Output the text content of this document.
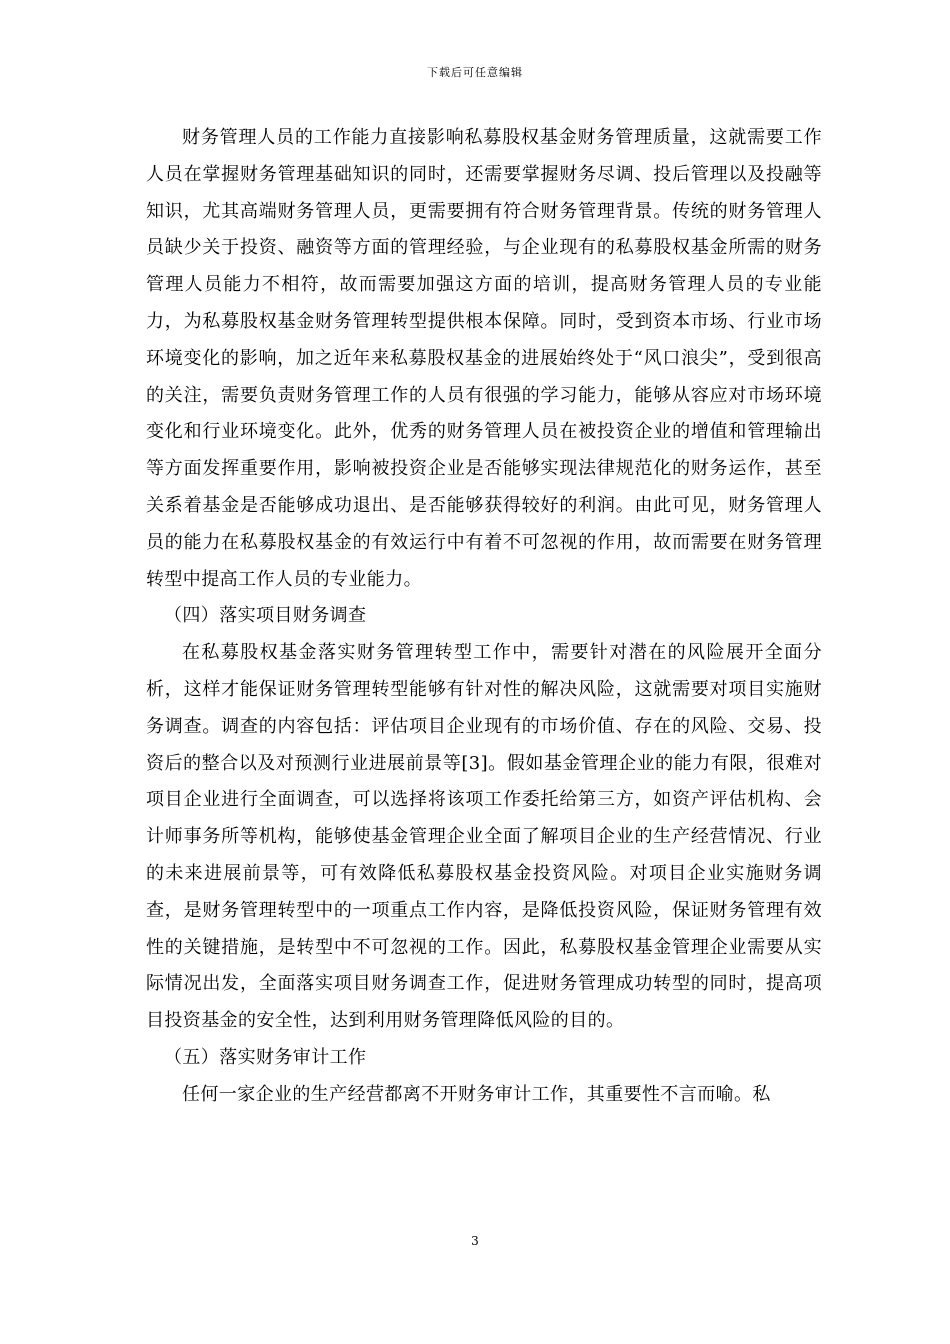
下载后可任意编辑

财务管理人员的工作能力直接影响私募股权基金财务管理质量，这就需要工作人员在掌握财务管理基础知识的同时，还需要掌握财务尽调、投后管理以及投融等知识，尤其高端财务管理人员，更需要拥有符合财务管理背景。传统的财务管理人员缺少关于投资、融资等方面的管理经验，与企业现有的私募股权基金所需的财务管理人员能力不相符，故而需要加强这方面的培训，提高财务管理人员的专业能力，为私募股权基金财务管理转型提供根本保障。同时，受到资本市场、行业市场环境变化的影响，加之近年来私募股权基金的进展始终处于“风口浪尖”，受到很高的关注，需要负责财务管理工作的人员有很强的学习能力，能够从容应对市场环境变化和行业环境变化。此外，优秀的财务管理人员在被投资企业的增值和管理输出等方面发挥重要作用，影响被投资企业是否能够实现法律规范化的财务运作，甚至关系着基金是否能够成功退出、是否能够获得较好的利润。由此可见，财务管理人员的能力在私募股权基金的有效运行中有着不可忽视的作用，故而需要在财务管理转型中提高工作人员的专业能力。

（四）落实项目财务调查

在私募股权基金落实财务管理转型工作中，需要针对潜在的风险展开全面分析，这样才能保证财务管理转型能够有针对性的解决风险，这就需要对项目实施财务调查。调查的内容包括：评估项目企业现有的市场价值、存在的风险、交易、投资后的整合以及对预测行业进展前景等[3]。假如基金管理企业的能力有限，很难对项目企业进行全面调查，可以选择将该项工作委托给第三方，如资产评估机构、会计师事务所等机构，能够使基金管理企业全面了解项目企业的生产经营情况、行业的未来进展前景等，可有效降低私募股权基金投资风险。对项目企业实施财务调查，是财务管理转型中的一项重点工作内容，是降低投资风险，保证财务管理有效性的关键措施，是转型中不可忽视的工作。因此，私募股权基金管理企业需要从实际情况出发，全面落实项目财务调查工作，促进财务管理成功转型的同时，提高项目投资基金的安全性，达到利用财务管理降低风险的目的。

（五）落实财务审计工作

任何一家企业的生产经营都离不开财务审计工作，其重要性不言而喻。私

3
